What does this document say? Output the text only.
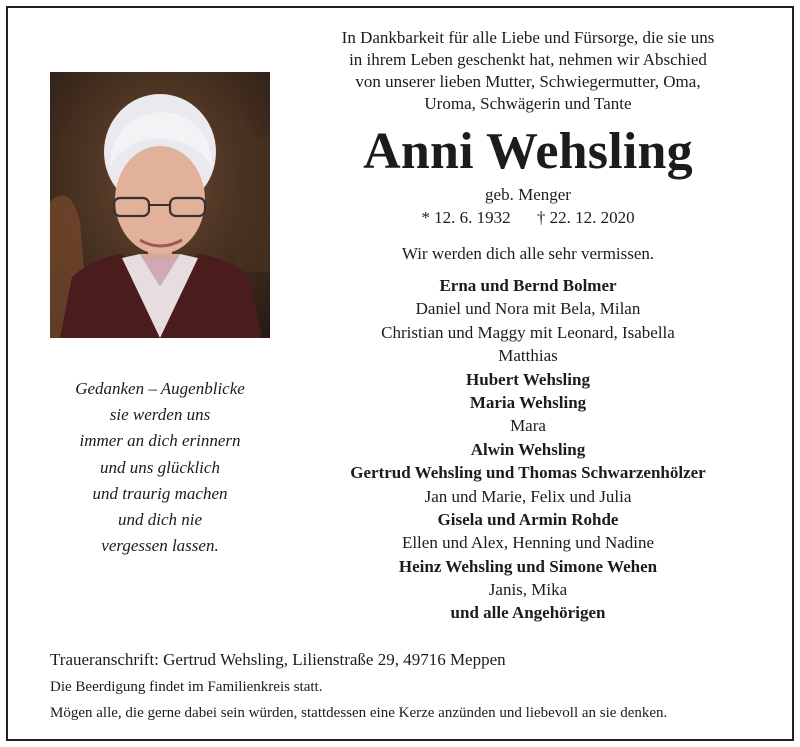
In Dankbarkeit für alle Liebe und Fürsorge, die sie uns
in ihrem Leben geschenkt hat, nehmen wir Abschied
von unserer lieben Mutter, Schwiegermutter, Oma,
Uroma, Schwägerin und Tante
Anni Wehsling
geb. Menger
* 12. 6. 1932 † 22. 12. 2020
Wir werden dich alle sehr vermissen.
Erna und Bernd Bolmer
Daniel und Nora mit Bela, Milan
Christian und Maggy mit Leonard, Isabella
Matthias
Hubert Wehsling
Maria Wehsling
Mara
Alwin Wehsling
Gertrud Wehsling und Thomas Schwarzenhölzer
Jan und Marie, Felix und Julia
Gisela und Armin Rohde
Ellen und Alex, Henning und Nadine
Heinz Wehsling und Simone Wehen
Janis, Mika
und alle Angehörigen
Gedanken – Augenblicke
sie werden uns
immer an dich erinnern
und uns glücklich
und traurig machen
und dich nie
vergessen lassen.
Traueranschrift: Gertrud Wehsling, Lilienstraße 29, 49716 Meppen
Die Beerdigung findet im Familienkreis statt.
Mögen alle, die gerne dabei sein würden, stattdessen eine Kerze anzünden und liebevoll an sie denken.
